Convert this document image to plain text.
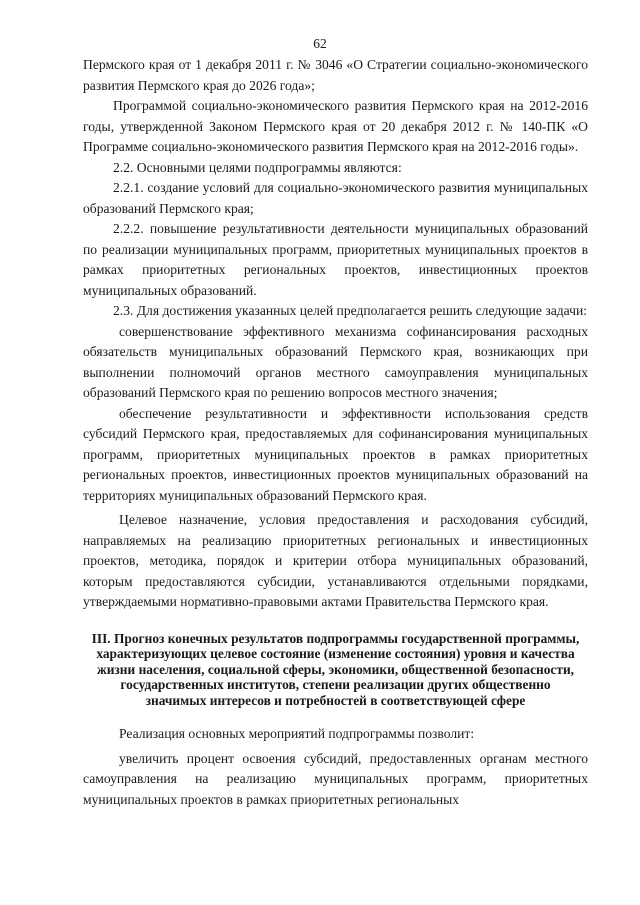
62

Пермского края от 1 декабря 2011 г. № 3046 «О Стратегии социально-экономического развития Пермского края до 2026 года»;

Программой социально-экономического развития Пермского края на 2012-2016 годы, утвержденной Законом Пермского края от 20 декабря 2012 г. № 140-ПК «О Программе социально-экономического развития Пермского края на 2012-2016 годы».

2.2. Основными целями подпрограммы являются:

2.2.1. создание условий для социально-экономического развития муниципальных образований Пермского края;

2.2.2. повышение результативности деятельности муниципальных образований по реализации муниципальных программ, приоритетных муниципальных проектов в рамках приоритетных региональных проектов, инвестиционных проектов муниципальных образований.

2.3. Для достижения указанных целей предполагается решить следующие задачи:

совершенствование эффективного механизма софинансирования расходных обязательств муниципальных образований Пермского края, возникающих при выполнении полномочий органов местного самоуправления муниципальных образований Пермского края по решению вопросов местного значения;

обеспечение результативности и эффективности использования средств субсидий Пермского края, предоставляемых для софинансирования муниципальных программ, приоритетных муниципальных проектов в рамках приоритетных региональных проектов, инвестиционных проектов муниципальных образований на территориях муниципальных образований Пермского края.

Целевое назначение, условия предоставления и расходования субсидий, направляемых на реализацию приоритетных региональных и инвестиционных проектов, методика, порядок и критерии отбора муниципальных образований, которым предоставляются субсидии, устанавливаются отдельными порядками, утверждаемыми нормативно-правовыми актами Правительства Пермского края.

III. Прогноз конечных результатов подпрограммы государственной программы, характеризующих целевое состояние (изменение состояния) уровня и качества жизни населения, социальной сферы, экономики, общественной безопасности, государственных институтов, степени реализации других общественно значимых интересов и потребностей в соответствующей сфере

Реализация основных мероприятий подпрограммы позволит:

увеличить процент освоения субсидий, предоставленных органам местного самоуправления на реализацию муниципальных программ, приоритетных муниципальных проектов в рамках приоритетных региональных
